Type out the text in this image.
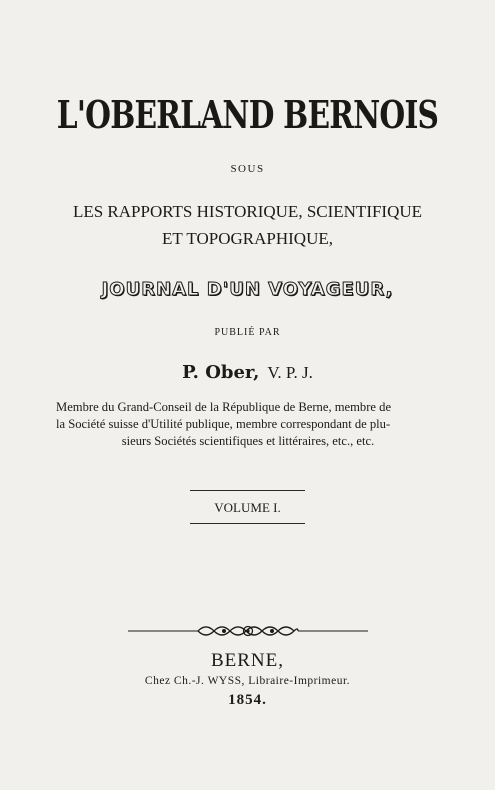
L'OBERLAND BERNOIS
SOUS
LES RAPPORTS HISTORIQUE, SCIENTIFIQUE
ET TOPOGRAPHIQUE,
JOURNAL D'UN VOYAGEUR,
PUBLIÉ PAR
P. Ober, V. P. J.
Membre du Grand-Conseil de la République de Berne, membre de
la Société suisse d'Utilité publique, membre correspondant de plu-
sieurs Sociétés scientifiques et littéraires, etc., etc.
VOLUME I.
BERNE,
Chez Ch.-J. WYSS, Libraire-Imprimeur.
1854.
